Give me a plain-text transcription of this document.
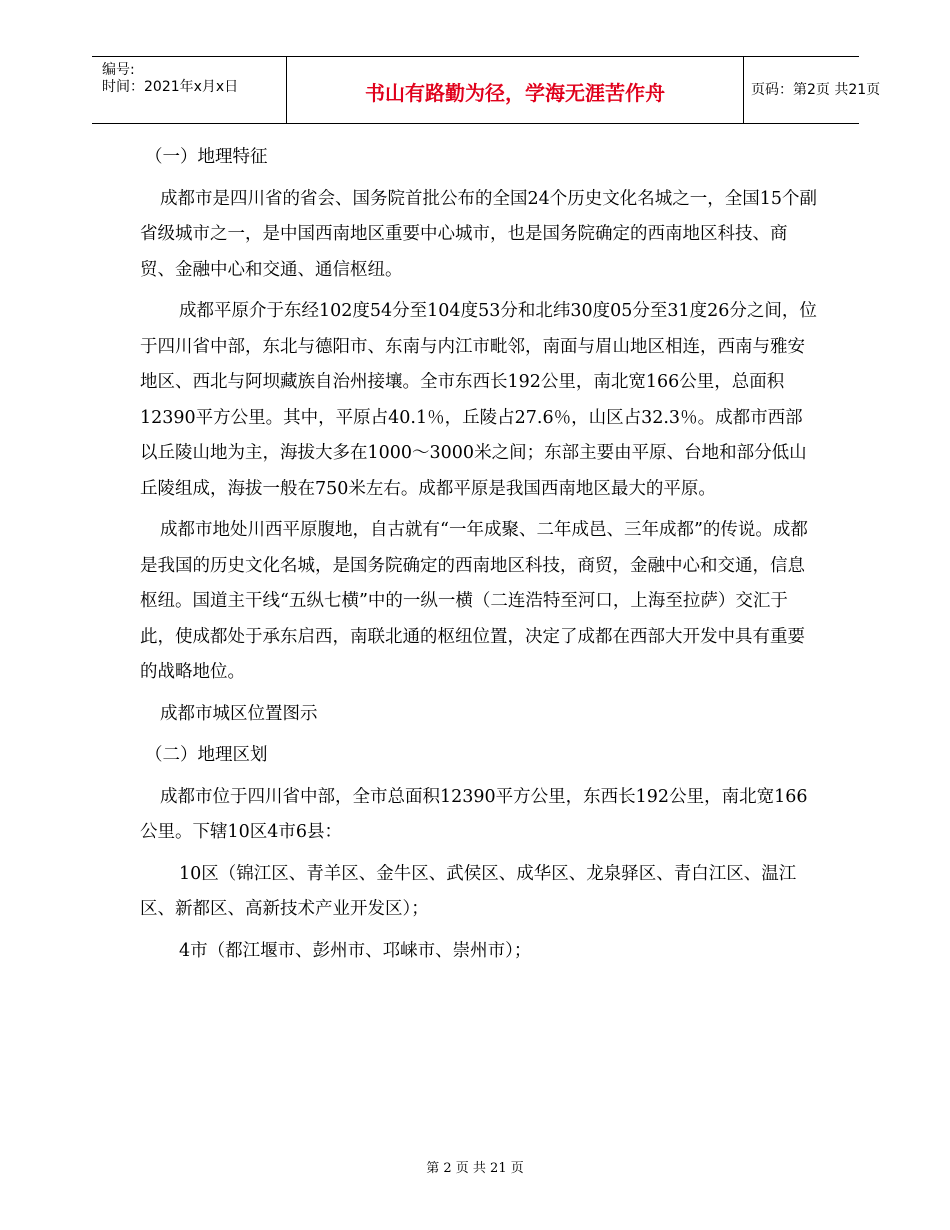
编号:
时间：2021年x月x日	书山有路勤为径，学海无涯苦作舟	页码：第2页 共21页

（一）地理特征

成都市是四川省的省会、国务院首批公布的全国24个历史文化名城之一，全国15个副省级城市之一，是中国西南地区重要中心城市，也是国务院确定的西南地区科技、商贸、金融中心和交通、通信枢纽。

成都平原介于东经102度54分至104度53分和北纬30度05分至31度26分之间，位于四川省中部，东北与德阳市、东南与内江市毗邻，南面与眉山地区相连，西南与雅安地区、西北与阿坝藏族自治州接壤。全市东西长192公里，南北宽166公里，总面积12390平方公里。其中，平原占40.1％，丘陵占27.6％，山区占32.3％。成都市西部以丘陵山地为主，海拔大多在1000～3000米之间；东部主要由平原、台地和部分低山丘陵组成，海拔一般在750米左右。成都平原是我国西南地区最大的平原。

成都市地处川西平原腹地，自古就有“一年成聚、二年成邑、三年成都”的传说。成都是我国的历史文化名城，是国务院确定的西南地区科技，商贸，金融中心和交通，信息枢纽。国道主干线“五纵七横”中的一纵一横（二连浩特至河口，上海至拉萨）交汇于此，使成都处于承东启西，南联北通的枢纽位置，决定了成都在西部大开发中具有重要的战略地位。

成都市城区位置图示

（二）地理区划

成都市位于四川省中部，全市总面积12390平方公里，东西长192公里，南北宽166公里。下辖10区4市6县：

10区（锦江区、青羊区、金牛区、武侯区、成华区、龙泉驿区、青白江区、温江区、新都区、高新技术产业开发区）；

4市（都江堰市、彭州市、邛崃市、崇州市）；

第 2 页 共 21 页
